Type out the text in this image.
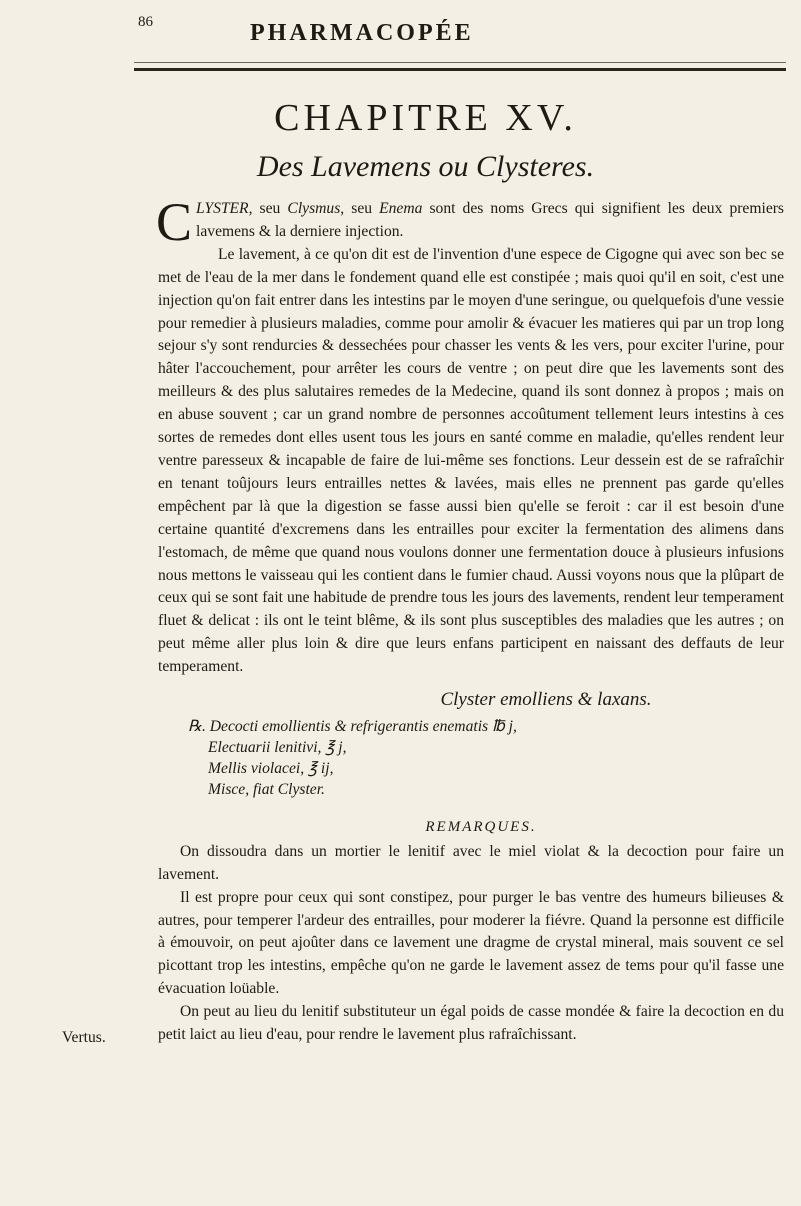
86	PHARMACOPÉE
CHAPITRE XV.
Des Lavemens ou Clysteres.

CLYSTER, seu Clysmus, seu Enema sont des noms Grecs qui signifient les deux premiers lavemens & la derniere injection.

Le lavement, à ce qu'on dit est de l'invention d'une espece de Cigogne qui avec son bec se met de l'eau de la mer dans le fondement quand elle est constipée ; mais quoi qu'il en soit, c'est une injection qu'on fait entrer dans les intestins par le moyen d'une seringue, ou quelquefois d'une vessie pour remedier à plusieurs maladies, comme pour amolir & évacuer les matieres qui par un trop long sejour s'y sont rendurcies & dessechées pour chasser les vents & les vers, pour exciter l'urine, pour hâter l'accouchement, pour arrêter les cours de ventre ; on peut dire que les lavements sont des meilleurs & des plus salutaires remedes de la Medecine, quand ils sont donnez à propos ; mais on en abuse souvent ; car un grand nombre de personnes accoûtument tellement leurs intestins à ces sortes de remedes dont elles usent tous les jours en santé comme en maladie, qu'elles rendent leur ventre paresseux & incapable de faire de lui-même ses fonctions. Leur dessein est de se rafraîchir en tenant toûjours leurs entrailles nettes & lavées, mais elles ne prennent pas garde qu'elles empêchent par là que la digestion se fasse aussi bien qu'elle se feroit : car il est besoin d'une certaine quantité d'excremens dans les entrailles pour exciter la fermentation des alimens dans l'estomach, de même que quand nous voulons donner une fermentation douce à plusieurs infusions nous mettons le vaisseau qui les contient dans le fumier chaud. Aussi voyons nous que la plûpart de ceux qui se sont fait une habitude de prendre tous les jours des lavements, rendent leur temperament fluet & delicat : ils ont le teint blême, & ils sont plus susceptibles des maladies que les autres ; on peut même aller plus loin & dire que leurs enfans participent en naissant des deffauts de leur temperament.

Clyster emolliens & laxans.
℞. Decocti emollientis & refrigerantis enematis ℔ j,
Electuarii lenitivi, ℥ j,
Mellis violacei, ℥ ij,
Misce, fiat Clyster.
REMARQUES.

On dissoudra dans un mortier le lenitif avec le miel violat & la decoction pour faire un lavement.

Il est propre pour ceux qui sont constipez, pour purger le bas ventre des humeurs bilieuses & autres, pour temperer l'ardeur des entrailles, pour moderer la fiévre. Quand la personne est difficile à émouvoir, on peut ajoûter dans ce lavement une dragme de crystal mineral, mais souvent ce sel picottant trop les intestins, empêche qu'on ne garde le lavement assez de tems pour qu'il fasse une évacuation loüable.

On peut au lieu du lenitif substituteur un égal poids de casse mondée & faire la decoction en du petit laict au lieu d'eau, pour rendre le lavement plus rafraîchissant.

Vertus.
